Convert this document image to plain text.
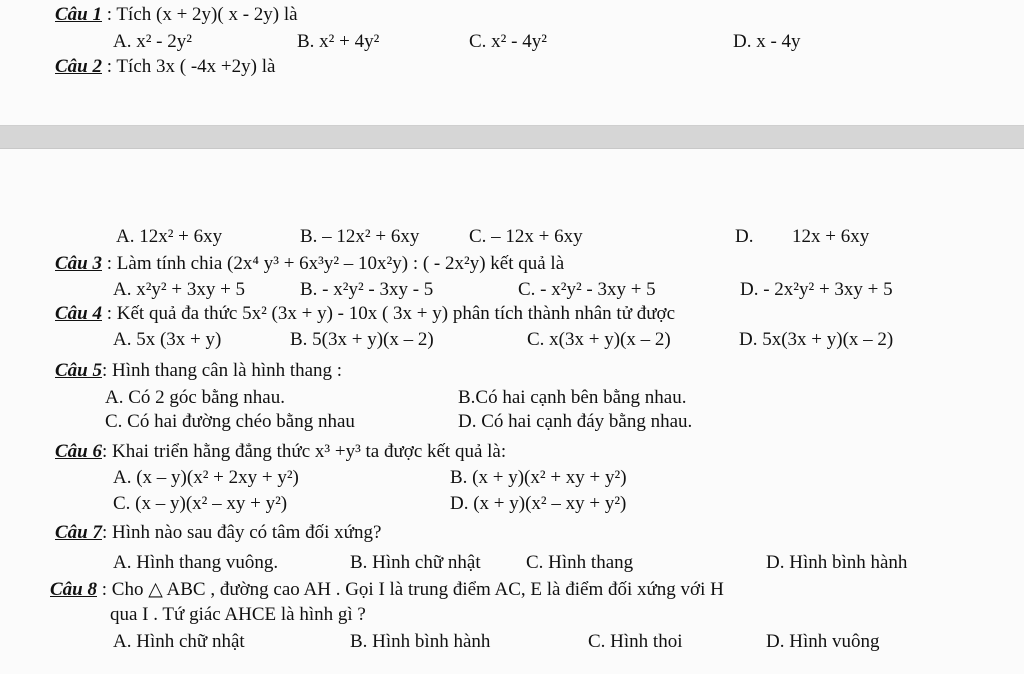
Câu 1 : Tích (x + 2y)( x - 2y) là
A. x² - 2y²	B. x² + 4y²	C. x² - 4y²	D. x - 4y
Câu 2 : Tích 3x ( -4x +2y) là
A. 12x² + 6xy	B. – 12x² + 6xy	C. – 12x + 6xy	D. 12x + 6xy
Câu 3 : Làm tính chia (2x⁴ y³ + 6x³y² – 10x²y) : ( - 2x²y) kết quả là
A. x²y² + 3xy + 5	B. - x²y² - 3xy - 5	C. - x²y² - 3xy + 5	D. - 2x²y² + 3xy + 5
Câu 4 : Kết quả đa thức 5x² (3x + y) - 10x ( 3x + y) phân tích thành nhân tử được
A. 5x (3x + y)	B. 5(3x + y)(x – 2)	C. x(3x + y)(x – 2)	D. 5x(3x + y)(x – 2)
Câu 5: Hình thang cân là hình thang :
A. Có 2 góc bằng nhau.	B.Có hai cạnh bên bằng nhau.
C. Có hai đường chéo bằng nhau	D. Có hai cạnh đáy bằng nhau.
Câu 6: Khai triển hằng đẳng thức x³ +y³ ta được kết quả là:
A. (x – y)(x² + 2xy + y²)	B. (x + y)(x² + xy + y²)
C. (x – y)(x² – xy + y²)	D. (x + y)(x² – xy + y²)
Câu 7: Hình nào sau đây có tâm đối xứng?
A. Hình thang vuông.	B. Hình chữ nhật C. Hình thang	D. Hình bình hành
Câu 8 : Cho △ ABC , đường cao AH . Gọi I là trung điểm AC, E là điểm đối xứng với H
qua I . Tứ giác AHCE là hình gì ?
A. Hình chữ nhật	B. Hình bình hành	C. Hình thoi	D. Hình vuông
